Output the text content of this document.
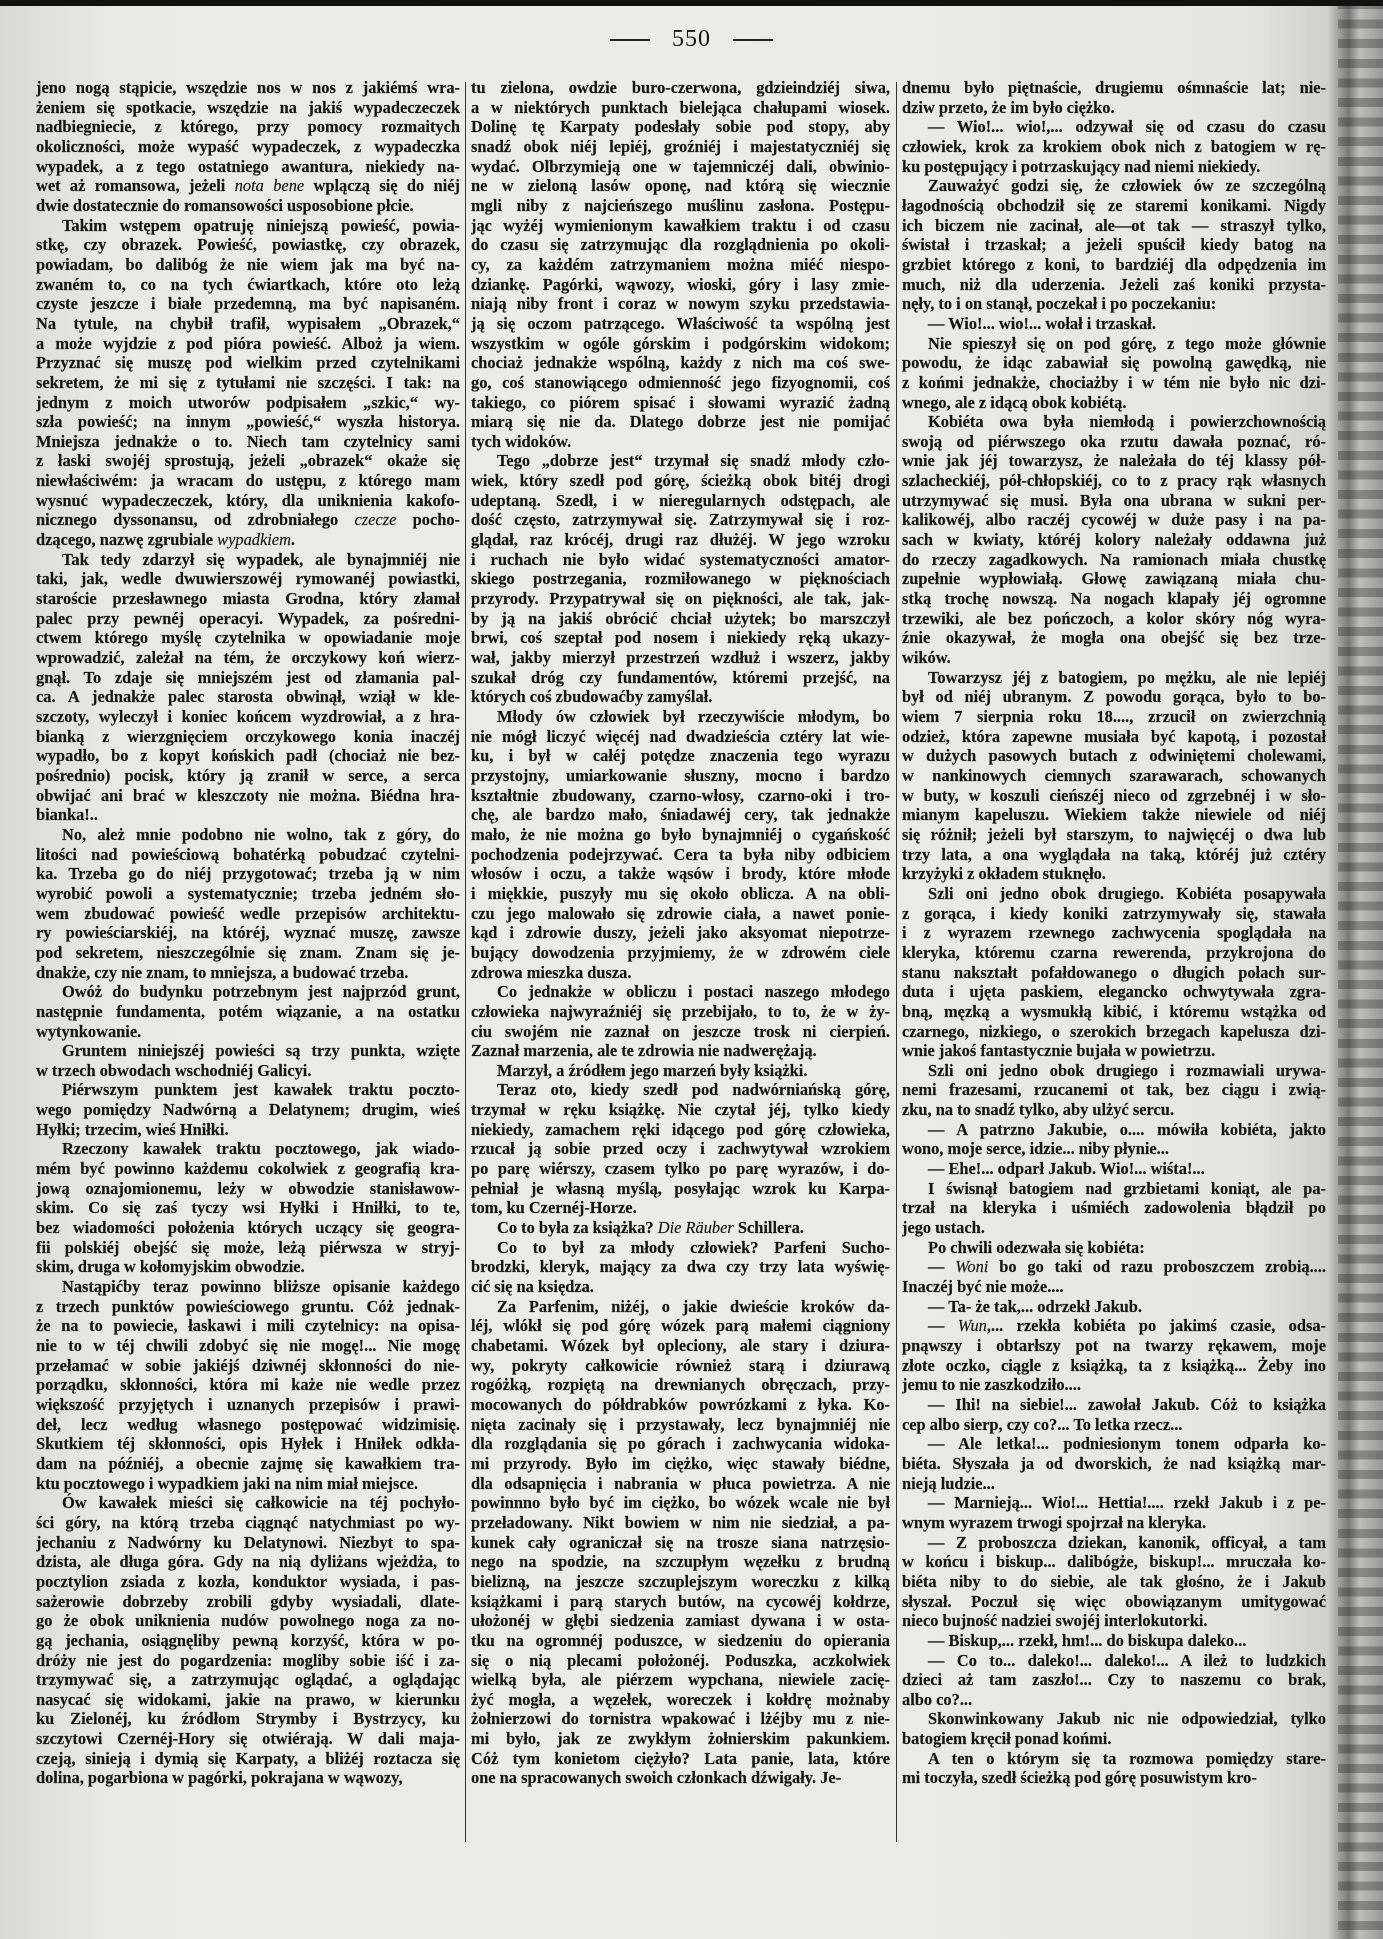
550
jeno nogą stąpicie, wszędzie nos w nos z jakiémś wra-
żeniem się spotkacie, wszędzie na jakiś wypadeczeczek
nadbiegniecie, z którego, przy pomocy rozmaitych
okoliczności, może wypaść wypadeczek, z wypadeczka
wypadek, a z tego ostatniego awantura, niekiedy na-
wet aż romansowa, jeżeli nota bene wplączą się do niéj
dwie dostatecznie do romansowości usposobione płcie.
Takim wstępem opatruję niniejszą powieść, powia-
stkę, czy obrazek. Powieść, powiastkę, czy obrazek,
powiadam, bo dalibóg że nie wiem jak ma być na-
zwaném to, co na tych ćwiartkach, które oto leżą
czyste jeszcze i białe przedemną, ma być napisaném.
Na tytule, na chybił trafił, wypisałem „Obrazek,“
a może wyjdzie z pod pióra powieść. Alboż ja wiem.
Przyznać się muszę pod wielkim przed czytelnikami
sekretem, że mi się z tytułami nie szczęści. I tak: na
jednym z moich utworów podpisałem „szkic,“ wy-
szła powieść; na innym „powieść,“ wyszła historya.
Mniejsza jednakże o to. Niech tam czytelnicy sami
z łaski swojéj sprostują, jeżeli „obrazek“ okaże się
niewłaściwém: ja wracam do ustępu, z którego mam
wysnuć wypadeczeczek, który, dla uniknienia kakofo-
nicznego dyssonansu, od zdrobniałego czecze pocho-
dzącego, nazwę zgrubiale wypadkiem.
Tak tedy zdarzył się wypadek, ale bynajmniéj nie
taki, jak, wedle dwuwierszowéj rymowanéj powiastki,
staroście przesławnego miasta Grodna, który złamał
palec przy pewnéj operacyi. Wypadek, za pośredni-
ctwem którego myślę czytelnika w opowiadanie moje
wprowadzić, zależał na tém, że orczykowy koń wierz-
gnął. To zdaje się mniejszém jest od złamania pal-
ca. A jednakże palec starosta obwinął, wziął w kle-
szczoty, wyleczył i koniec końcem wyzdrowiał, a z hra-
bianką z wierzgnięciem orczykowego konia inaczéj
wypadło, bo z kopyt końskich padł (chociaż nie bez-
pośrednio) pocisk, który ją zranił w serce, a serca
obwijać ani brać w kleszczoty nie można. Biédna hra-
bianka!..
No, ależ mnie podobno nie wolno, tak z góry, do
litości nad powieściową bohatérką pobudzać czytelni-
ka. Trzeba go do niéj przygotować; trzeba ją w nim
wyrobić powoli a systematycznie; trzeba jedném sło-
wem zbudować powieść wedle przepisów architektu-
ry powieściarskiéj, na któréj, wyznać muszę, zawsze
pod sekretem, nieszczególnie się znam. Znam się je-
dnakże, czy nie znam, to mniejsza, a budować trzeba.
Owóż do budynku potrzebnym jest najprzód grunt,
następnie fundamenta, potém wiązanie, a na ostatku
wytynkowanie.
Gruntem niniejszéj powieści są trzy punkta, wzięte
w trzech obwodach wschodniéj Galicyi.
Piérwszym punktem jest kawałek traktu poczto-
wego pomiędzy Nadwórną a Delatynem; drugim, wieś
Hyłki; trzecim, wieś Hniłki.
Rzeczony kawałek traktu pocztowego, jak wiado-
mém być powinno każdemu cokolwiek z geografią kra-
jową oznajomionemu, leży w obwodzie stanisławow-
skim. Co się zaś tyczy wsi Hyłki i Hniłki, to te,
bez wiadomości położenia których uczący się geogra-
fii polskiéj obejść się może, leżą piérwsza w stryj-
skim, druga w kołomyjskim obwodzie.
Nastąpićby teraz powinno bliższe opisanie każdego
z trzech punktów powieściowego gruntu. Cóż jednak-
że na to powiecie, łaskawi i mili czytelnicy: na opisa-
nie to w téj chwili zdobyć się nie mogę!... Nie mogę
przełamać w sobie jakiéjś dziwnéj skłonności do nie-
porządku, skłonności, która mi każe nie wedle przez
większość przyjętych i uznanych przepisów i prawi-
deł, lecz według własnego postępować widzimisię.
Skutkiem téj skłonności, opis Hyłek i Hniłek odkła-
dam na późniéj, a obecnie zajmę się kawałkiem tra-
ktu pocztowego i wypadkiem jaki na nim miał miejsce.
Ów kawałek mieści się całkowicie na téj pochyło-
ści góry, na którą trzeba ciągnąć natychmiast po wy-
jechaniu z Nadwórny ku Delatynowi. Niezbyt to spa-
dzista, ale długa góra. Gdy na nią dyliżans wjeżdża, to
pocztylion zsiada z kozła, konduktor wysiada, i pas-
sażerowie dobrzeby zrobili gdyby wysiadali, dlate-
go że obok uniknienia nudów powolnego noga za no-
gą jechania, osiągnęliby pewną korzyść, która w po-
dróży nie jest do pogardzenia: mogliby sobie iść i za-
trzymywać się, a zatrzymując oglądać, a oglądając
nasycać się widokami, jakie na prawo, w kierunku
ku Zielonéj, ku źródłom Strymby i Bystrzycy, ku
szczytowi Czernéj-Hory się otwiérają. W dali maja-
czeją, sinieją i dymią się Karpaty, a bliżéj roztacza się
dolina, pogarbiona w pagórki, pokrajana w wąwozy,
tu zielona, owdzie buro-czerwona, gdzieindziéj siwa,
a w niektórych punktach bielejąca chałupami wiosek.
Dolinę tę Karpaty podesłały sobie pod stopy, aby
snadź obok niéj lepiéj, groźniéj i majestatyczniéj się
wydać. Olbrzymieją one w tajemniczéj dali, obwinio-
ne w zieloną lasów oponę, nad którą się wiecznie
mgli niby z najcieńszego muślinu zasłona. Postępu-
jąc wyżéj wymienionym kawałkiem traktu i od czasu
do czasu się zatrzymując dla rozglądnienia po okoli-
cy, za każdém zatrzymaniem można miéć niespo-
dziankę. Pagórki, wąwozy, wioski, góry i lasy zmie-
niają niby front i coraz w nowym szyku przedstawia-
ją się oczom patrzącego. Właściwość ta wspólną jest
wszystkim w ogóle górskim i podgórskim widokom;
chociaż jednakże wspólną, każdy z nich ma coś swe-
go, coś stanowiącego odmienność jego fizyognomii, coś
takiego, co piórem spisać i słowami wyrazić żadną
miarą się nie da. Dlatego dobrze jest nie pomijać
tych widoków.
Tego „dobrze jest“ trzymał się snadź młody czło-
wiek, który szedł pod górę, ścieżką obok bitéj drogi
udeptaną. Szedł, i w nieregularnych odstępach, ale
dość często, zatrzymywał się. Zatrzymywał się i roz-
glądał, raz krócéj, drugi raz dłużéj. W jego wzroku
i ruchach nie było widać systematyczności amator-
skiego postrzegania, rozmiłowanego w pięknościach
przyrody. Przypatrywał się on piękności, ale tak, jak-
by ją na jakiś obrócić chciał użytek; bo marszczył
brwi, coś szeptał pod nosem i niekiedy ręką ukazy-
wał, jakby mierzył przestrzeń wzdłuż i wszerz, jakby
szukał dróg czy fundamentów, któremi przejść, na
których coś zbudowaćby zamyślał.
Młody ów człowiek był rzeczywiście młodym, bo
nie mógł liczyć więcéj nad dwadzieścia cztéry lat wie-
ku, i był w całéj potędze znaczenia tego wyrazu
przystojny, umiarkowanie słuszny, mocno i bardzo
kształtnie zbudowany, czarno-włosy, czarno-oki i tro-
chę, ale bardzo mało, śniadawéj cery, tak jednakże
mało, że nie można go było bynajmniéj o cygańskość
pochodzenia podejrzywać. Cera ta była niby odbiciem
włosów i oczu, a także wąsów i brody, które młode
i miękkie, puszyły mu się około oblicza. A na obli-
czu jego malowało się zdrowie ciała, a nawet ponie-
kąd i zdrowie duszy, jeżeli jako aksyomat niepotrze-
bujący dowodzenia przyjmiemy, że w zdrowém ciele
zdrowa mieszka dusza.
Co jednakże w obliczu i postaci naszego młodego
człowieka najwyraźniéj się przebijało, to to, że w ży-
ciu swojém nie zaznał on jeszcze trosk ni cierpień.
Zaznał marzenia, ale te zdrowia nie nadwerężają.
Marzył, a źródłem jego marzeń były książki.
Teraz oto, kiedy szedł pod nadwórniańską górę,
trzymał w ręku książkę. Nie czytał jéj, tylko kiedy
niekiedy, zamachem ręki idącego pod górę człowieka,
rzucał ją sobie przed oczy i zachwytywał wzrokiem
po parę wiérszy, czasem tylko po parę wyrazów, i do-
pełniał je własną myślą, posyłając wzrok ku Karpa-
tom, ku Czernéj-Horze.
Co to była za książka? Die Räuber Schillera.
Co to był za młody człowiek? Parfeni Sucho-
brodzki, kleryk, mający za dwa czy trzy lata wyświę-
cić się na księdza.
Za Parfenim, niżéj, o jakie dwieście kroków da-
léj, wlókł się pod górę wózek parą małemi ciągniony
chabetami. Wózek był opleciony, ale stary i dziura-
wy, pokryty całkowicie również starą i dziurawą
rogóżką, rozpiętą na drewnianych obręczach, przy-
mocowanych do półdrabków powrózkami z łyka. Ko-
nięta zacinały się i przystawały, lecz bynajmniéj nie
dla rozglądania się po górach i zachwycania widoka-
mi przyrody. Było im ciężko, więc stawały biédne,
dla odsapnięcia i nabrania w płuca powietrza. A nie
powinnno było być im ciężko, bo wózek wcale nie był
przeładowany. Nikt bowiem w nim nie siedział, a pa-
kunek cały ograniczał się na trosze siana natrzęsio-
nego na spodzie, na szczupłym węzełku z brudną
bielizną, na jeszcze szczuplejszym woreczku z kilką
książkami i parą starych butów, na cycowéj kołdrze,
ułożonéj w głębi siedzenia zamiast dywana i w osta-
tku na ogromnéj poduszce, w siedzeniu do opierania
się o nią plecami położonéj. Poduszka, aczkolwiek
wielką była, ale piérzem wypchana, niewiele zacię-
żyć mogła, a węzełek, woreczek i kołdrę możnaby
żołnierzowi do tornistra wpakować i lżéjby mu z nie-
mi było, jak ze zwykłym żołnierskim pakunkiem.
Cóż tym konietom ciężyło? Lata panie, lata, które
one na spracowanych swoich członkach dźwigały. Je-
dnemu było piętnaście, drugiemu ośmnaście lat; nie-
dziw przeto, że im było ciężko.
— Wio!... wio!,... odzywał się od czasu do czasu
człowiek, krok za krokiem obok nich z batogiem w rę-
ku postępujący i potrzaskujący nad niemi niekiedy.
Zauważyć godzi się, że człowiek ów ze szczególną
łagodnością obchodził się ze staremi konikami. Nigdy
ich biczem nie zacinał, ale—ot tak — straszył tylko,
świstał i trzaskał; a jeżeli spuścił kiedy batog na
grzbiet którego z koni, to bardziéj dla odpędzenia im
much, niż dla uderzenia. Jeżeli zaś koniki przysta-
nęły, to i on stanął, poczekał i po poczekaniu:
— Wio!... wio!... wołał i trzaskał.
Nie spieszył się on pod górę, z tego może głównie
powodu, że idąc zabawiał się powolną gawędką, nie
z końmi jednakże, chociażby i w tém nie było nic dzi-
wnego, ale z idącą obok kobiétą.
Kobiéta owa była niemłodą i powierzchownością
swoją od piérwszego oka rzutu dawała poznać, ró-
wnie jak jéj towarzysz, że należała do téj klassy pół-
szlacheckiéj, pół-chłopskiéj, co to z pracy rąk własnych
utrzymywać się musi. Była ona ubrana w sukni per-
kalikowéj, albo raczéj cycowéj w duże pasy i na pa-
sach w kwiaty, któréj kolory należały oddawna już
do rzeczy zagadkowych. Na ramionach miała chustkę
zupełnie wypłowiałą. Głowę zawiązaną miała chu-
stką trochę nowszą. Na nogach klapały jéj ogromne
trzewiki, ale bez pończoch, a kolor skóry nóg wyra-
źnie okazywał, że mogła ona obejść się bez trze-
wików.
Towarzysz jéj z batogiem, po mężku, ale nie lepiéj
był od niéj ubranym. Z powodu gorąca, było to bo-
wiem 7 sierpnia roku 18...., zrzucił on zwierzchnią
odzież, która zapewne musiała być kapotą, i pozostał
w dużych pasowych butach z odwiniętemi cholewami,
w nankinowych ciemnych szarawarach, schowanych
w buty, w koszuli cieńszéj nieco od zgrzebnéj i w sło-
mianym kapeluszu. Wiekiem także niewiele od niéj
się różnił; jeżeli był starszym, to najwięcéj o dwa lub
trzy lata, a ona wyglądała na taką, któréj już cztéry
krzyżyki z okładem stuknęło.
Szli oni jedno obok drugiego. Kobiéta posapywała
z gorąca, i kiedy koniki zatrzymywały się, stawała
i z wyrazem rzewnego zachwycenia spoglądała na
kleryka, któremu czarna rewerenda, przykrojona do
stanu nakształt pofałdowanego o długich połach sur-
duta i ujęta paskiem, elegancko ochwytywała zgra-
bną, męzką a wysmukłą kibić, i któremu wstążka od
czarnego, nizkiego, o szerokich brzegach kapelusza dzi-
wnie jakoś fantastycznie bujała w powietrzu.
Szli oni jedno obok drugiego i rozmawiali urywa-
nemi frazesami, rzucanemi ot tak, bez ciągu i zwią-
zku, na to snadź tylko, aby ulżyć sercu.
— A patrzno Jakubie, o.... mówiła kobiéta, jakto
wono, moje serce, idzie... niby płynie...
— Ehe!... odparł Jakub. Wio!... wiśta!...
I świsnął batogiem nad grzbietami koniąt, ale pa-
trzał na kleryka i uśmiéch zadowolenia błądził po
jego ustach.
Po chwili odezwała się kobiéta:
— Woni bo go taki od razu proboszczem zrobią....
Inaczéj być nie może....
— Ta- że tak,... odrzekł Jakub.
— Wun,... rzekła kobiéta po jakimś czasie, odsa-
pnąwszy i obtarłszy pot na twarzy rękawem, moje
złote oczko, ciągle z książką, ta z książką... Żeby ino
jemu to nie zaszkodziło....
— Ihi! na siebie!... zawołał Jakub. Cóż to książka
cep albo sierp, czy co?... To letka rzecz...
— Ale letka!... podniesionym tonem odparła ko-
biéta. Słyszała ja od dworskich, że nad książką mar-
nieją ludzie...
— Marnieją... Wio!... Hettia!.... rzekł Jakub i z pe-
wnym wyrazem trwogi spojrzał na kleryka.
— Z proboszcza dziekan, kanonik, officyał, a tam
w końcu i biskup... dalibógże, biskup!... mruczała ko-
biéta niby to do siebie, ale tak głośno, że i Jakub
słyszał. Poczuł się więc obowiązanym umitygować
nieco bujność nadziei swojéj interlokutorki.
— Biskup,... rzekł, hm!... do biskupa daleko...
— Co to... daleko!... daleko!... A ileż to ludzkich
dzieci aż tam zaszło!... Czy to naszemu co brak,
albo co?...
Skonwinkowany Jakub nic nie odpowiedział, tylko
batogiem kręcił ponad końmi.
A ten o którym się ta rozmowa pomiędzy stare-
mi toczyła, szedł ścieżką pod górę posuwistym kro-
